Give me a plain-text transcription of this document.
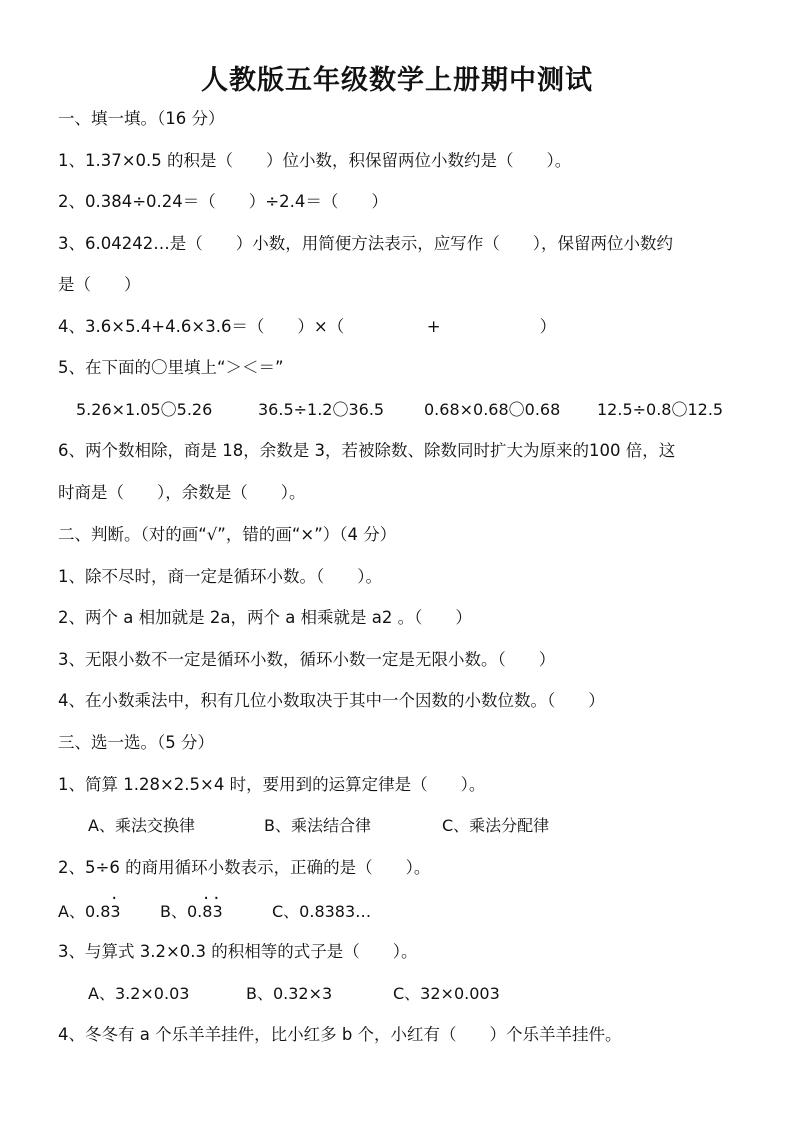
人教版五年级数学上册期中测试
一、填一填。（16 分）
1、1.37×0.5 的积是（　　）位小数，积保留两位小数约是（　　）。
2、0.384÷0.24＝（　　）÷2.4＝（　　）
3、6.04242…是（　　）小数，用简便方法表示，应写作（　　），保留两位小数约
是（　　）
4、3.6×5.4+4.6×3.6＝（　　）×（　　　　　+　　　　　　）
5、在下面的〇里填上“＞＜＝”
5.26×1.05〇5.26	36.5÷1.2〇36.5 0.68×0.68〇0.68 12.5÷0.8〇12.5
6、两个数相除，商是 18，余数是 3，若被除数、除数同时扩大为原来的100 倍，这
时商是（　　），余数是（　　）。
二、判断。（对的画“√”，错的画“×”）（4 分）
1、除不尽时，商一定是循环小数。（　　）。
2、两个 a 相加就是 2a，两个 a 相乘就是 a2 。（　　）
3、无限小数不一定是循环小数，循环小数一定是无限小数。（　　）
4、在小数乘法中，积有几位小数取决于其中一个因数的小数位数。（　　）
三、选一选。（5 分）
1、简算 1.28×2.5×4 时，要用到的运算定律是（　　）。
A、乘法交换律	B、乘法结合律	C、乘法分配律
2、5÷6 的商用循环小数表示，正确的是（　　）。
A、0.8· 3 B、0.· 8· 3	C、0.8383…
3、与算式 3.2×0.3 的积相等的式子是（　　）。
A、3.2×0.03	B、0.32×3	C、32×0.003
4、冬冬有 a 个乐羊羊挂件，比小红多 b 个，小红有（　　）个乐羊羊挂件。
